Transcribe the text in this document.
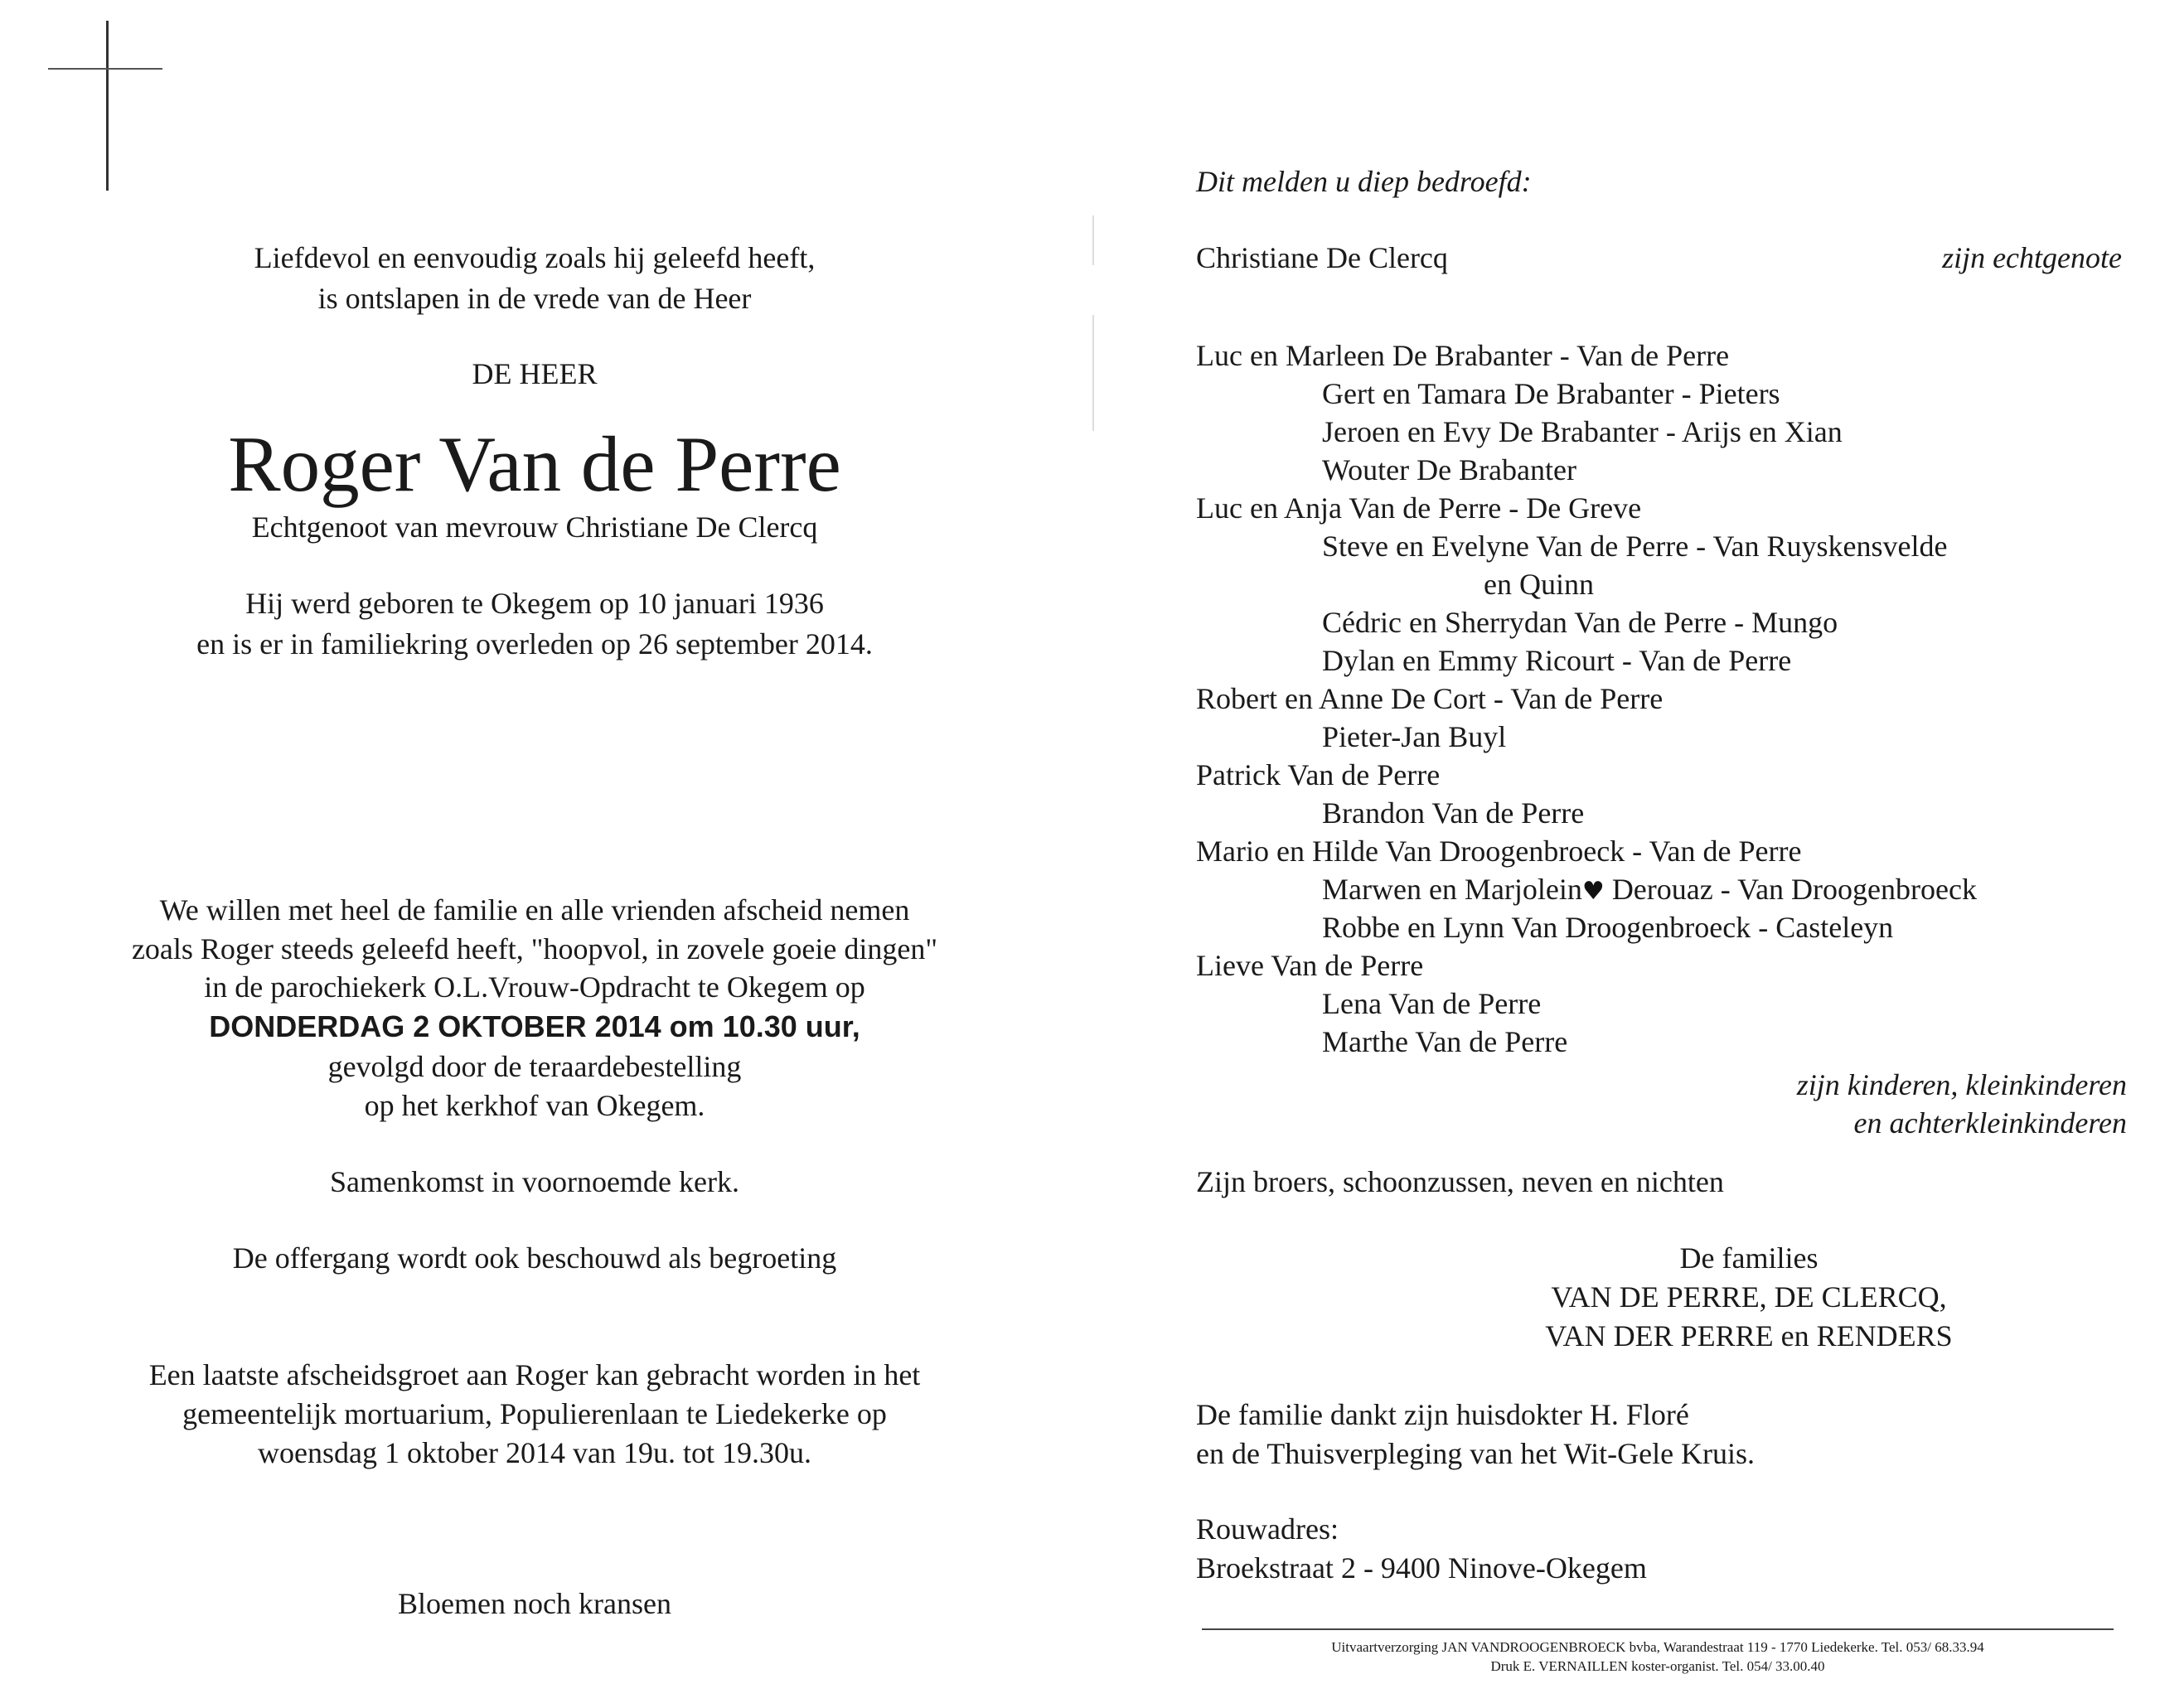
Liefdevol en eenvoudig zoals hij geleefd heeft,
is ontslapen in de vrede van de Heer
DE HEER
Roger Van de Perre
Echtgenoot van mevrouw Christiane De Clercq
Hij werd geboren te Okegem op 10 januari 1936
en is er in familiekring overleden op 26 september 2014.
We willen met heel de familie en alle vrienden afscheid nemen
zoals Roger steeds geleefd heeft, "hoopvol, in zovele goeie dingen"
in de parochiekerk O.L.Vrouw-Opdracht te Okegem op
DONDERDAG 2 OKTOBER 2014 om 10.30 uur,
gevolgd door de teraardebestelling
op het kerkhof van Okegem.
Samenkomst in voornoemde kerk.
De offergang wordt ook beschouwd als begroeting
Een laatste afscheidsgroet aan Roger kan gebracht worden in het
gemeentelijk mortuarium, Populierenlaan te Liedekerke op
woensdag 1 oktober 2014 van 19u. tot 19.30u.
Bloemen noch kransen
Dit melden u diep bedroefd:
Christiane De Clercq	zijn echtgenote
Luc en Marleen De Brabanter - Van de Perre
Gert en Tamara De Brabanter - Pieters
Jeroen en Evy De Brabanter - Arijs en Xian
Wouter De Brabanter
Luc en Anja Van de Perre - De Greve
Steve en Evelyne Van de Perre - Van Ruyskensvelde
en Quinn
Cédric en Sherrydan Van de Perre - Mungo
Dylan en Emmy Ricourt - Van de Perre
Robert en Anne De Cort - Van de Perre
Pieter-Jan Buyl
Patrick Van de Perre
Brandon Van de Perre
Mario en Hilde Van Droogenbroeck - Van de Perre
Marwen en Marjolein♥ Derouaz - Van Droogenbroeck
Robbe en Lynn Van Droogenbroeck - Casteleyn
Lieve Van de Perre
Lena Van de Perre
Marthe Van de Perre
zijn kinderen, kleinkinderen
en achterkleinkinderen
Zijn broers, schoonzussen, neven en nichten
De families
VAN DE PERRE, DE CLERCQ,
VAN DER PERRE en RENDERS
De familie dankt zijn huisdokter H. Floré
en de Thuisverpleging van het Wit-Gele Kruis.
Rouwadres:
Broekstraat 2 - 9400 Ninove-Okegem
Uitvaartverzorging JAN VANDROOGENBROECK bvba, Warandestraat 119 - 1770 Liedekerke. Tel. 053/ 68.33.94
Druk E. VERNAILLEN koster-organist. Tel. 054/ 33.00.40
